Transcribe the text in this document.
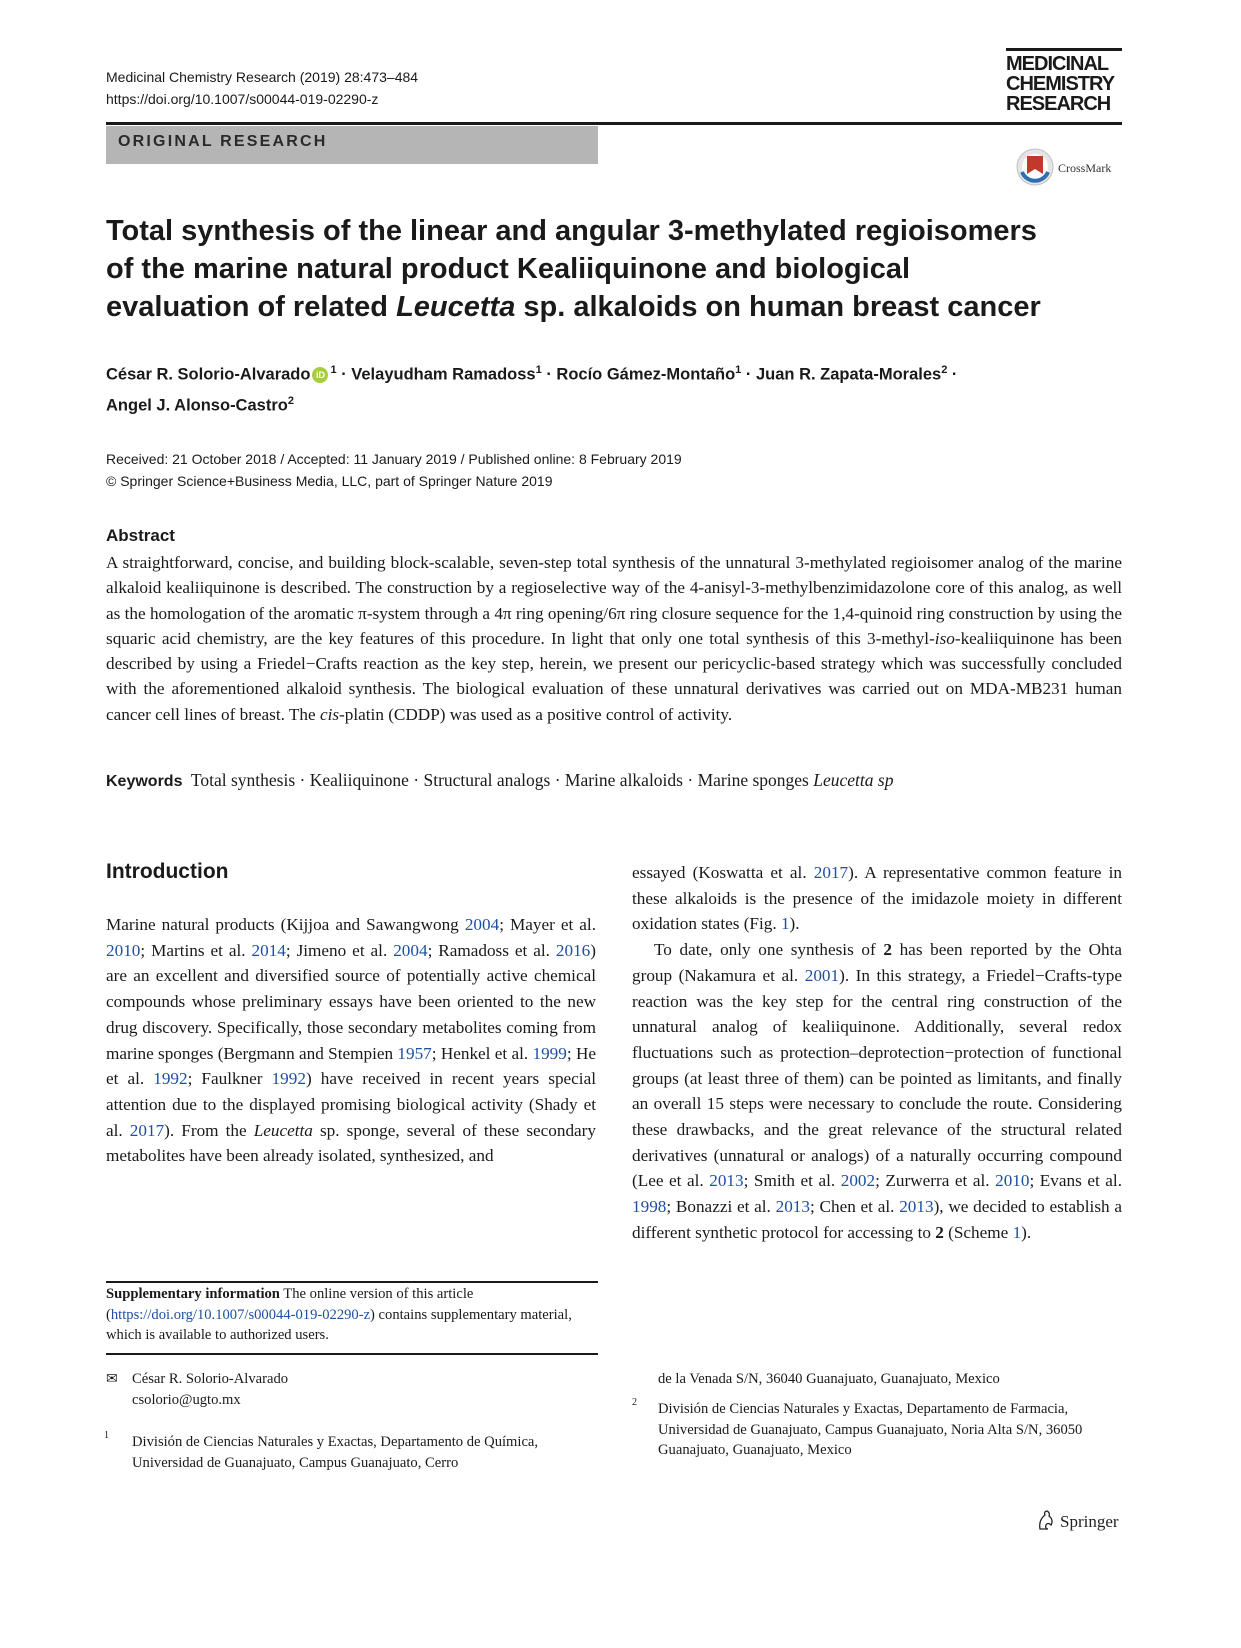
Medicinal Chemistry Research (2019) 28:473–484
https://doi.org/10.1007/s00044-019-02290-z
MEDICINAL
CHEMISTRY
RESEARCH
ORIGINAL RESEARCH
CrossMark
Total synthesis of the linear and angular 3-methylated regioisomers
of the marine natural product Kealiiquinone and biological
evaluation of related Leucetta sp. alkaloids on human breast cancer
César R. Solorio-Alvarado iD $^1$ · Velayudham Ramadoss$^1$ · Rocío Gámez-Montaño$^1$ · Juan R. Zapata-Morales$^2$ ·
Angel J. Alonso-Castro$^2$
Received: 21 October 2018 / Accepted: 11 January 2019 / Published online: 8 February 2019
© Springer Science+Business Media, LLC, part of Springer Nature 2019
Abstract
A straightforward, concise, and building block-scalable, seven-step total synthesis of the unnatural 3-methylated regioisomer analog of the marine alkaloid kealiiquinone is described. The construction by a regioselective way of the 4-anisyl-3-methylbenzimidazolone core of this analog, as well as the homologation of the aromatic π-system through a 4π ring opening/6π ring closure sequence for the 1,4-quinoid ring construction by using the squaric acid chemistry, are the key features of this procedure. In light that only one total synthesis of this 3-methyl-iso-kealiiquinone has been described by using a Friedel−Crafts reaction as the key step, herein, we present our pericyclic-based strategy which was successfully concluded with the aforementioned alkaloid synthesis. The biological evaluation of these unnatural derivatives was carried out on MDA-MB231 human cancer cell lines of breast. The cis-platin (CDDP) was used as a positive control of activity.
Keywords Total synthesis · Kealiiquinone · Structural analogs · Marine alkaloids · Marine sponges Leucetta sp
Introduction

Marine natural products (Kijjoa and Sawangwong 2004; Mayer et al. 2010; Martins et al. 2014; Jimeno et al. 2004; Ramadoss et al. 2016) are an excellent and diversified source of potentially active chemical compounds whose preliminary essays have been oriented to the new drug discovery. Specifically, those secondary metabolites coming from marine sponges (Bergmann and Stempien 1957; Henkel et al. 1999; He et al. 1992; Faulkner 1992) have received in recent years special attention due to the displayed promising biological activity (Shady et al. 2017). From the Leucetta sp. sponge, several of these secondary metabolites have been already isolated, synthesized, and

essayed (Koswatta et al. 2017). A representative common feature in these alkaloids is the presence of the imidazole moiety in different oxidation states (Fig. 1).

To date, only one synthesis of 2 has been reported by the Ohta group (Nakamura et al. 2001). In this strategy, a Friedel−Crafts-type reaction was the key step for the central ring construction of the unnatural analog of kealiiquinone. Additionally, several redox fluctuations such as protection–deprotection−protection of functional groups (at least three of them) can be pointed as limitants, and finally an overall 15 steps were necessary to conclude the route. Considering these drawbacks, and the great relevance of the structural related derivatives (unnatural or analogs) of a naturally occurring compound (Lee et al. 2013; Smith et al. 2002; Zurwerra et al. 2010; Evans et al. 1998; Bonazzi et al. 2013; Chen et al. 2013), we decided to establish a different synthetic protocol for accessing to 2 (Scheme 1).

Supplementary information The online version of this article (https://doi.org/10.1007/s00044-019-02290-z) contains supplementary material, which is available to authorized users.
✉ César R. Solorio-Alvarado
csolorio@ugto.mx
1 División de Ciencias Naturales y Exactas, Departamento de Química, Universidad de Guanajuato, Campus Guanajuato, Cerro
de la Venada S/N, 36040 Guanajuato, Guanajuato, Mexico
2 División de Ciencias Naturales y Exactas, Departamento de Farmacia, Universidad de Guanajuato, Campus Guanajuato, Noria Alta S/N, 36050 Guanajuato, Guanajuato, Mexico
Springer
